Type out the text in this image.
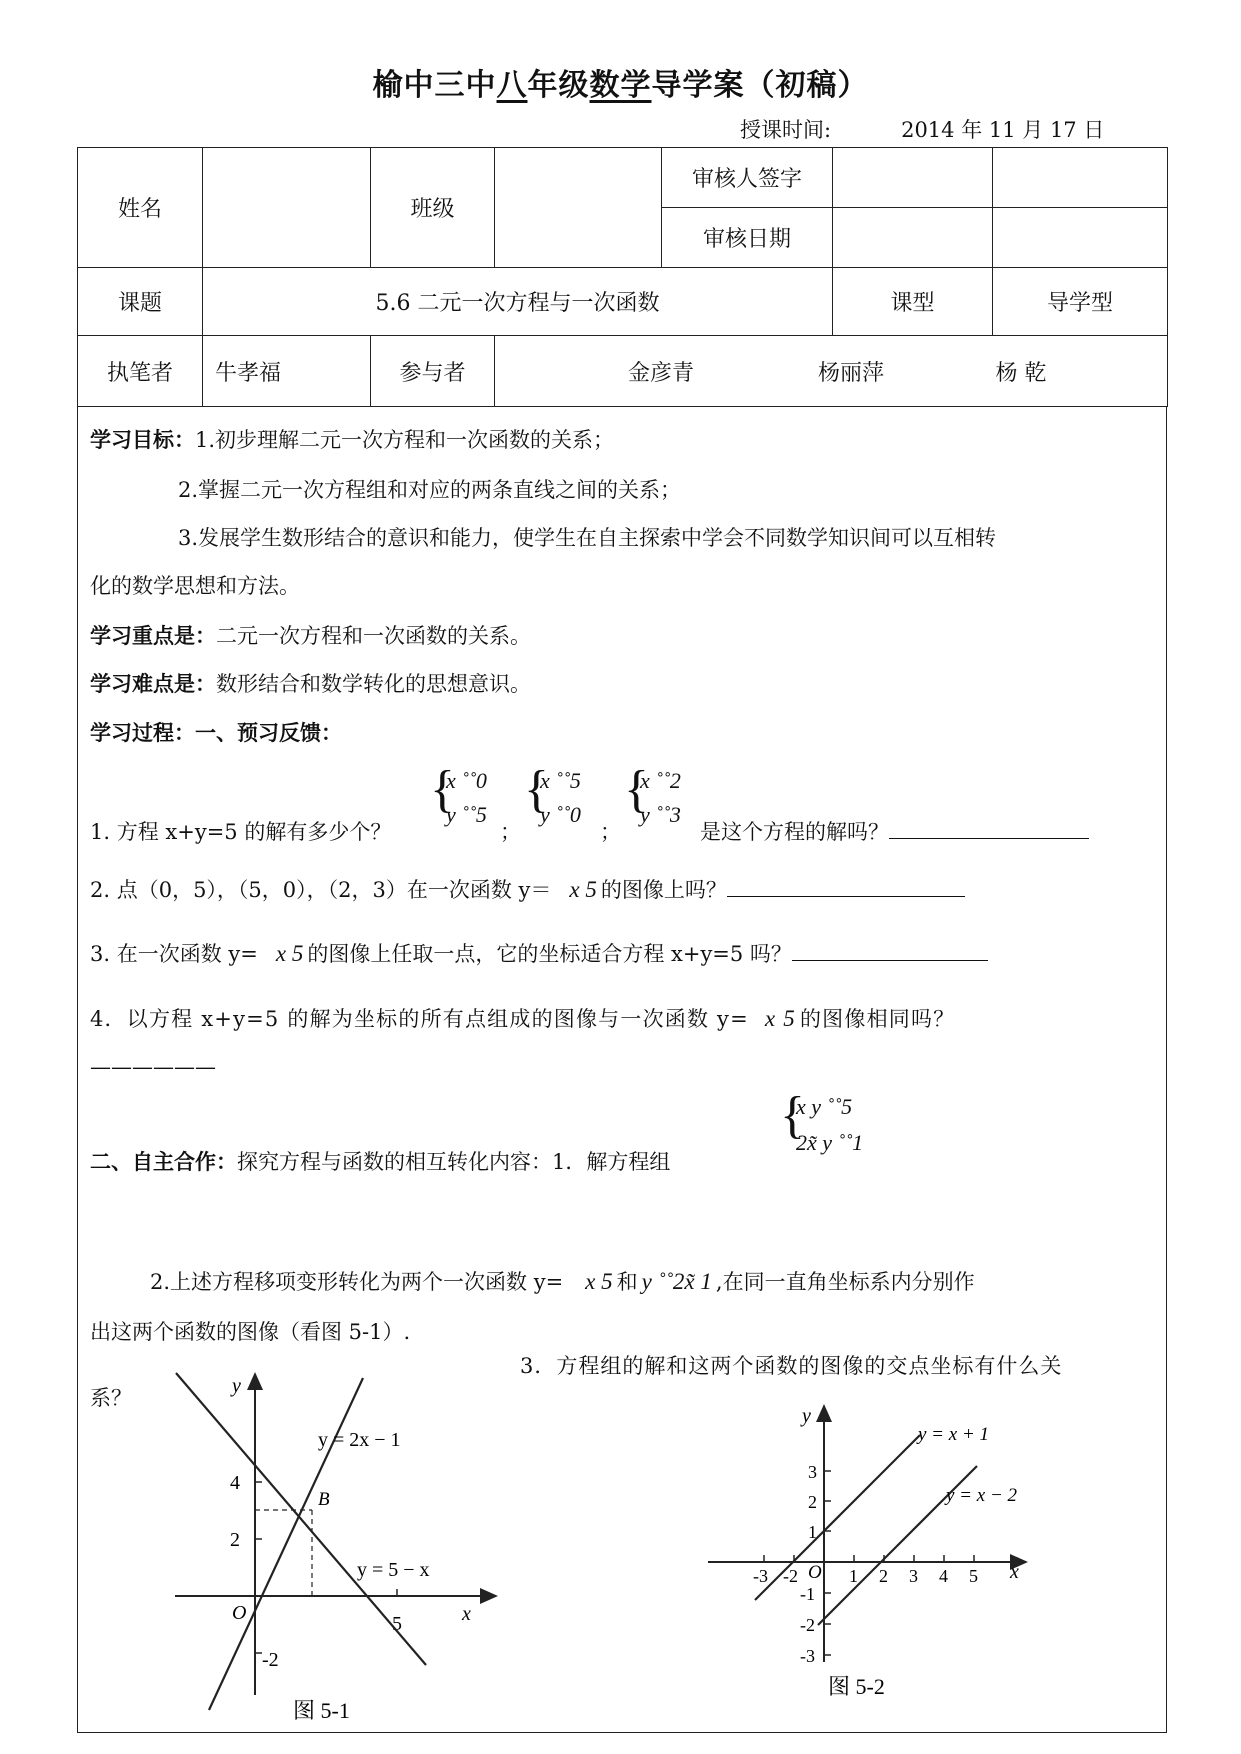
榆中三中八年级数学导学案（初稿）
授课时间:	2014 年 11 月 17 日
姓名		班级		审核人签字		
				审核日期		
课题	5.6 二元一次方程与一次函数				课型	导学型
执笔者	牛孝福	参与者	金彦青 杨丽萍 杨 乾			
学习目标：1.初步理解二元一次方程和一次函数的关系；
2.掌握二元一次方程组和对应的两条直线之间的关系；
3.发展学生数形结合的意识和能力，使学生在自主探索中学会不同数学知识间可以互相转
化的数学思想和方法。
学习重点是：二元一次方程和一次函数的关系。
学习难点是：数形结合和数学转化的思想意识。
学习过程：一、预习反馈：
1. 方程 x+y=5 的解有多少个？
{
x ˚˚0
y ˚˚5
；
{
x ˚˚5
y ˚˚0
；
{
x ˚˚2
y ˚˚3
是这个方程的解吗？
2. 点（0，5），（5，0），（2，3）在一次函数 y＝ x 5 的图像上吗？
3. 在一次函数 y= x 5 的图像上任取一点，它的坐标适合方程 x+y=5 吗？
4．以方程 x+y=5 的解为坐标的所有点组成的图像与一次函数 y= x 5 的图像相同吗？
——————
二、自主合作：探究方程与函数的相互转化内容：1．解方程组
{
x y ˚˚5
2x̃ y ˚˚1
2.上述方程移项变形转化为两个一次函数 y= x 5 和 y ˚˚2x̃ 1 ,在同一直角坐标系内分别作
出这两个函数的图像（看图 5-1）.
3．方程组的解和这两个函数的图像的交点坐标有什么关
系？	y
x
O
4
2
-2
5
B
y = 2x − 1
y = 5 − x
图 5-1
y
x
O
3
2
1
-1
-2
-3
-3 -2	1 2 3 4 5
y = x + 1
y = x − 2
图 5-2
